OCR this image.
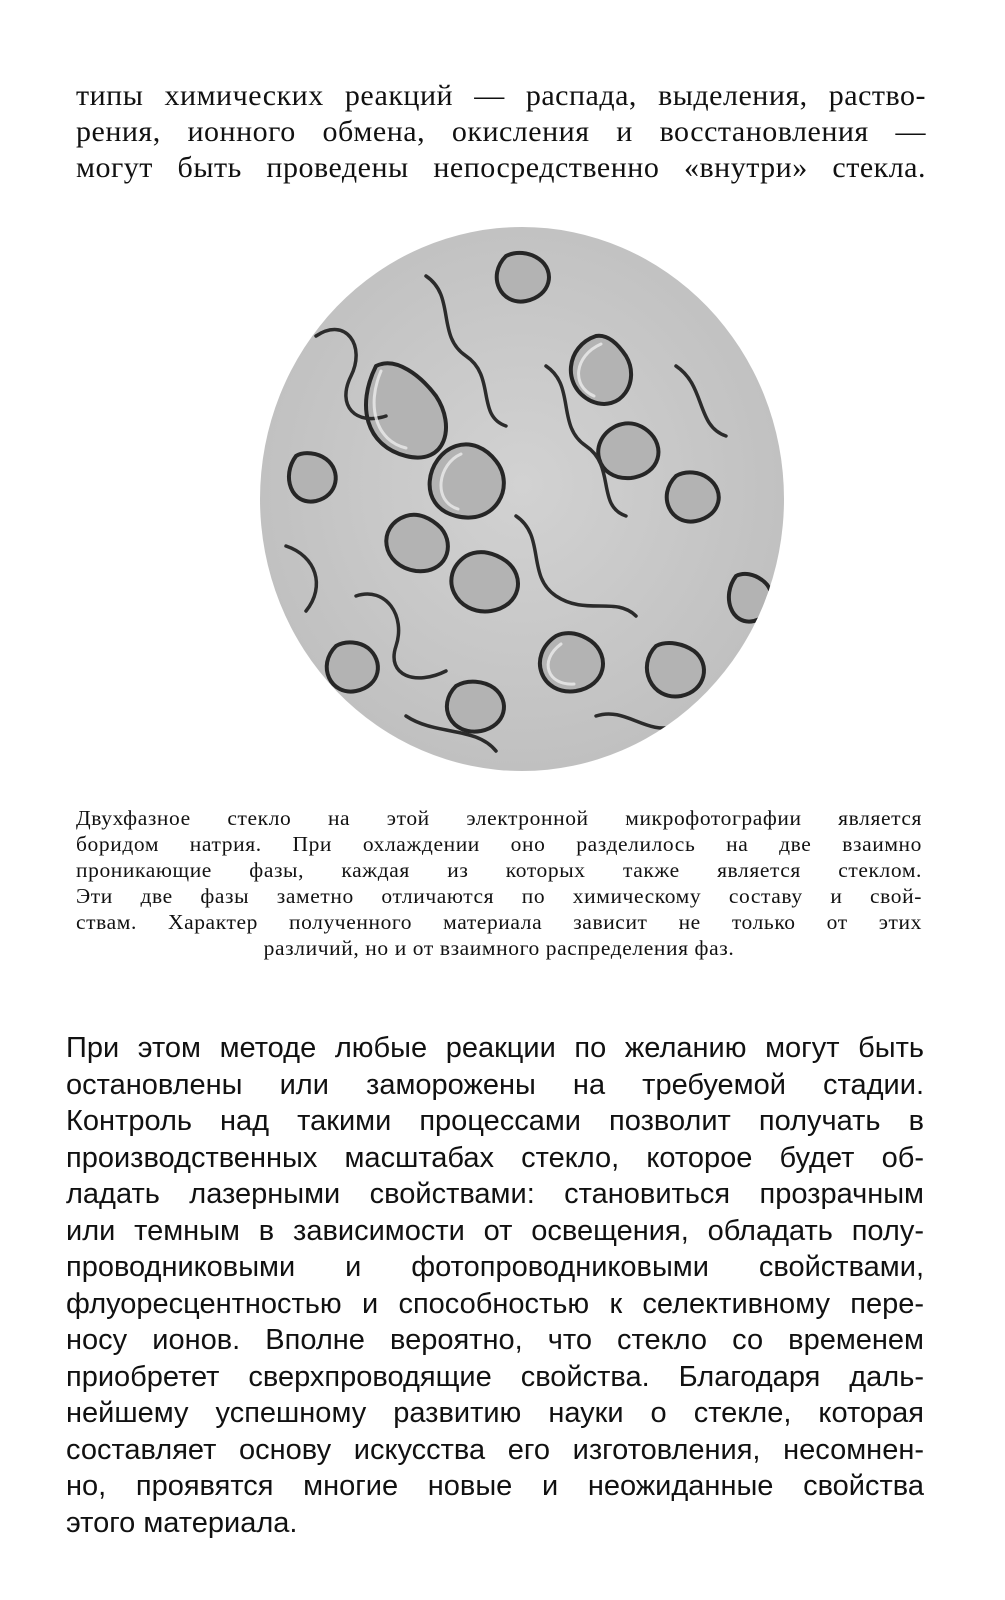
типы химических реакций — распада, выделения, раство-
рения, ионного обмена, окисления и восстановления —
могут быть проведены непосредственно «внутри» стекла.
Двухфазное стекло на этой электронной микрофотографии является
боридом натрия. При охлаждении оно разделилось на две взаимно
проникающие фазы, каждая из которых также является стеклом.
Эти две фазы заметно отличаются по химическому составу и свой-
ствам. Характер полученного материала зависит не только от этих
различий, но и от взаимного распределения фаз.
При этом методе любые реакции по желанию могут быть
остановлены или заморожены на требуемой стадии.
Контроль над такими процессами позволит получать в
производственных масштабах стекло, которое будет об-
ладать лазерными свойствами: становиться прозрачным
или темным в зависимости от освещения, обладать полу-
проводниковыми и фотопроводниковыми свойствами,
флуоресцентностью и способностью к селективному пере-
носу ионов. Вполне вероятно, что стекло со временем
приобретет сверхпроводящие свойства. Благодаря даль-
нейшему успешному развитию науки о стекле, которая
составляет основу искусства его изготовления, несомнен-
но, проявятся многие новые и неожиданные свойства
этого материала.
